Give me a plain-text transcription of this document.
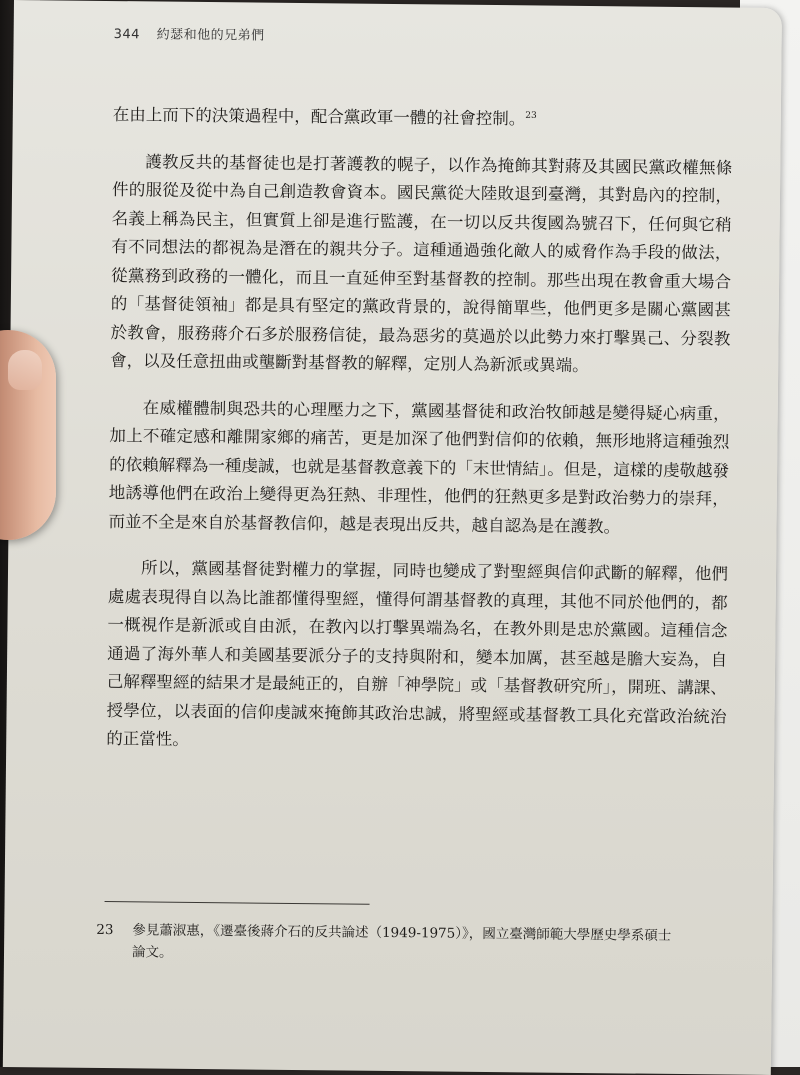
344 約瑟和他的兄弟們

在由上而下的決策過程中，配合黨政軍一體的社會控制。$^{23}$

護教反共的基督徒也是打著護教的幌子，以作為掩飾其對蔣及其國民黨政權無條件的服從及從中為自己創造教會資本。國民黨從大陸敗退到臺灣，其對島內的控制，名義上稱為民主，但實質上卻是進行監護，在一切以反共復國為號召下，任何與它稍有不同想法的都視為是潛在的親共分子。這種通過強化敵人的威脅作為手段的做法，從黨務到政務的一體化，而且一直延伸至對基督教的控制。那些出現在教會重大場合的「基督徒領袖」都是具有堅定的黨政背景的，說得簡單些，他們更多是關心黨國甚於教會，服務蔣介石多於服務信徒，最為惡劣的莫過於以此勢力來打擊異己、分裂教會，以及任意扭曲或壟斷對基督教的解釋，定別人為新派或異端。

在威權體制與恐共的心理壓力之下，黨國基督徒和政治牧師越是變得疑心病重，加上不確定感和離開家鄉的痛苦，更是加深了他們對信仰的依賴，無形地將這種強烈的依賴解釋為一種虔誠，也就是基督教意義下的「末世情結」。但是，這樣的虔敬越發地誘導他們在政治上變得更為狂熱、非理性，他們的狂熱更多是對政治勢力的崇拜，而並不全是來自於基督教信仰，越是表現出反共，越自認為是在護教。

所以，黨國基督徒對權力的掌握，同時也變成了對聖經與信仰武斷的解釋，他們處處表現得自以為比誰都懂得聖經，懂得何謂基督教的真理，其他不同於他們的，都一概視作是新派或自由派，在教內以打擊異端為名，在教外則是忠於黨國。這種信念通過了海外華人和美國基要派分子的支持與附和，變本加厲，甚至越是膽大妄為，自己解釋聖經的結果才是最純正的，自辦「神學院」或「基督教研究所」，開班、講課、授學位，以表面的信仰虔誠來掩飾其政治忠誠，將聖經或基督教工具化充當政治統治的正當性。

23 參見蕭淑惠，《遷臺後蔣介石的反共論述（1949-1975）》，國立臺灣師範大學歷史學系碩士
論文。
